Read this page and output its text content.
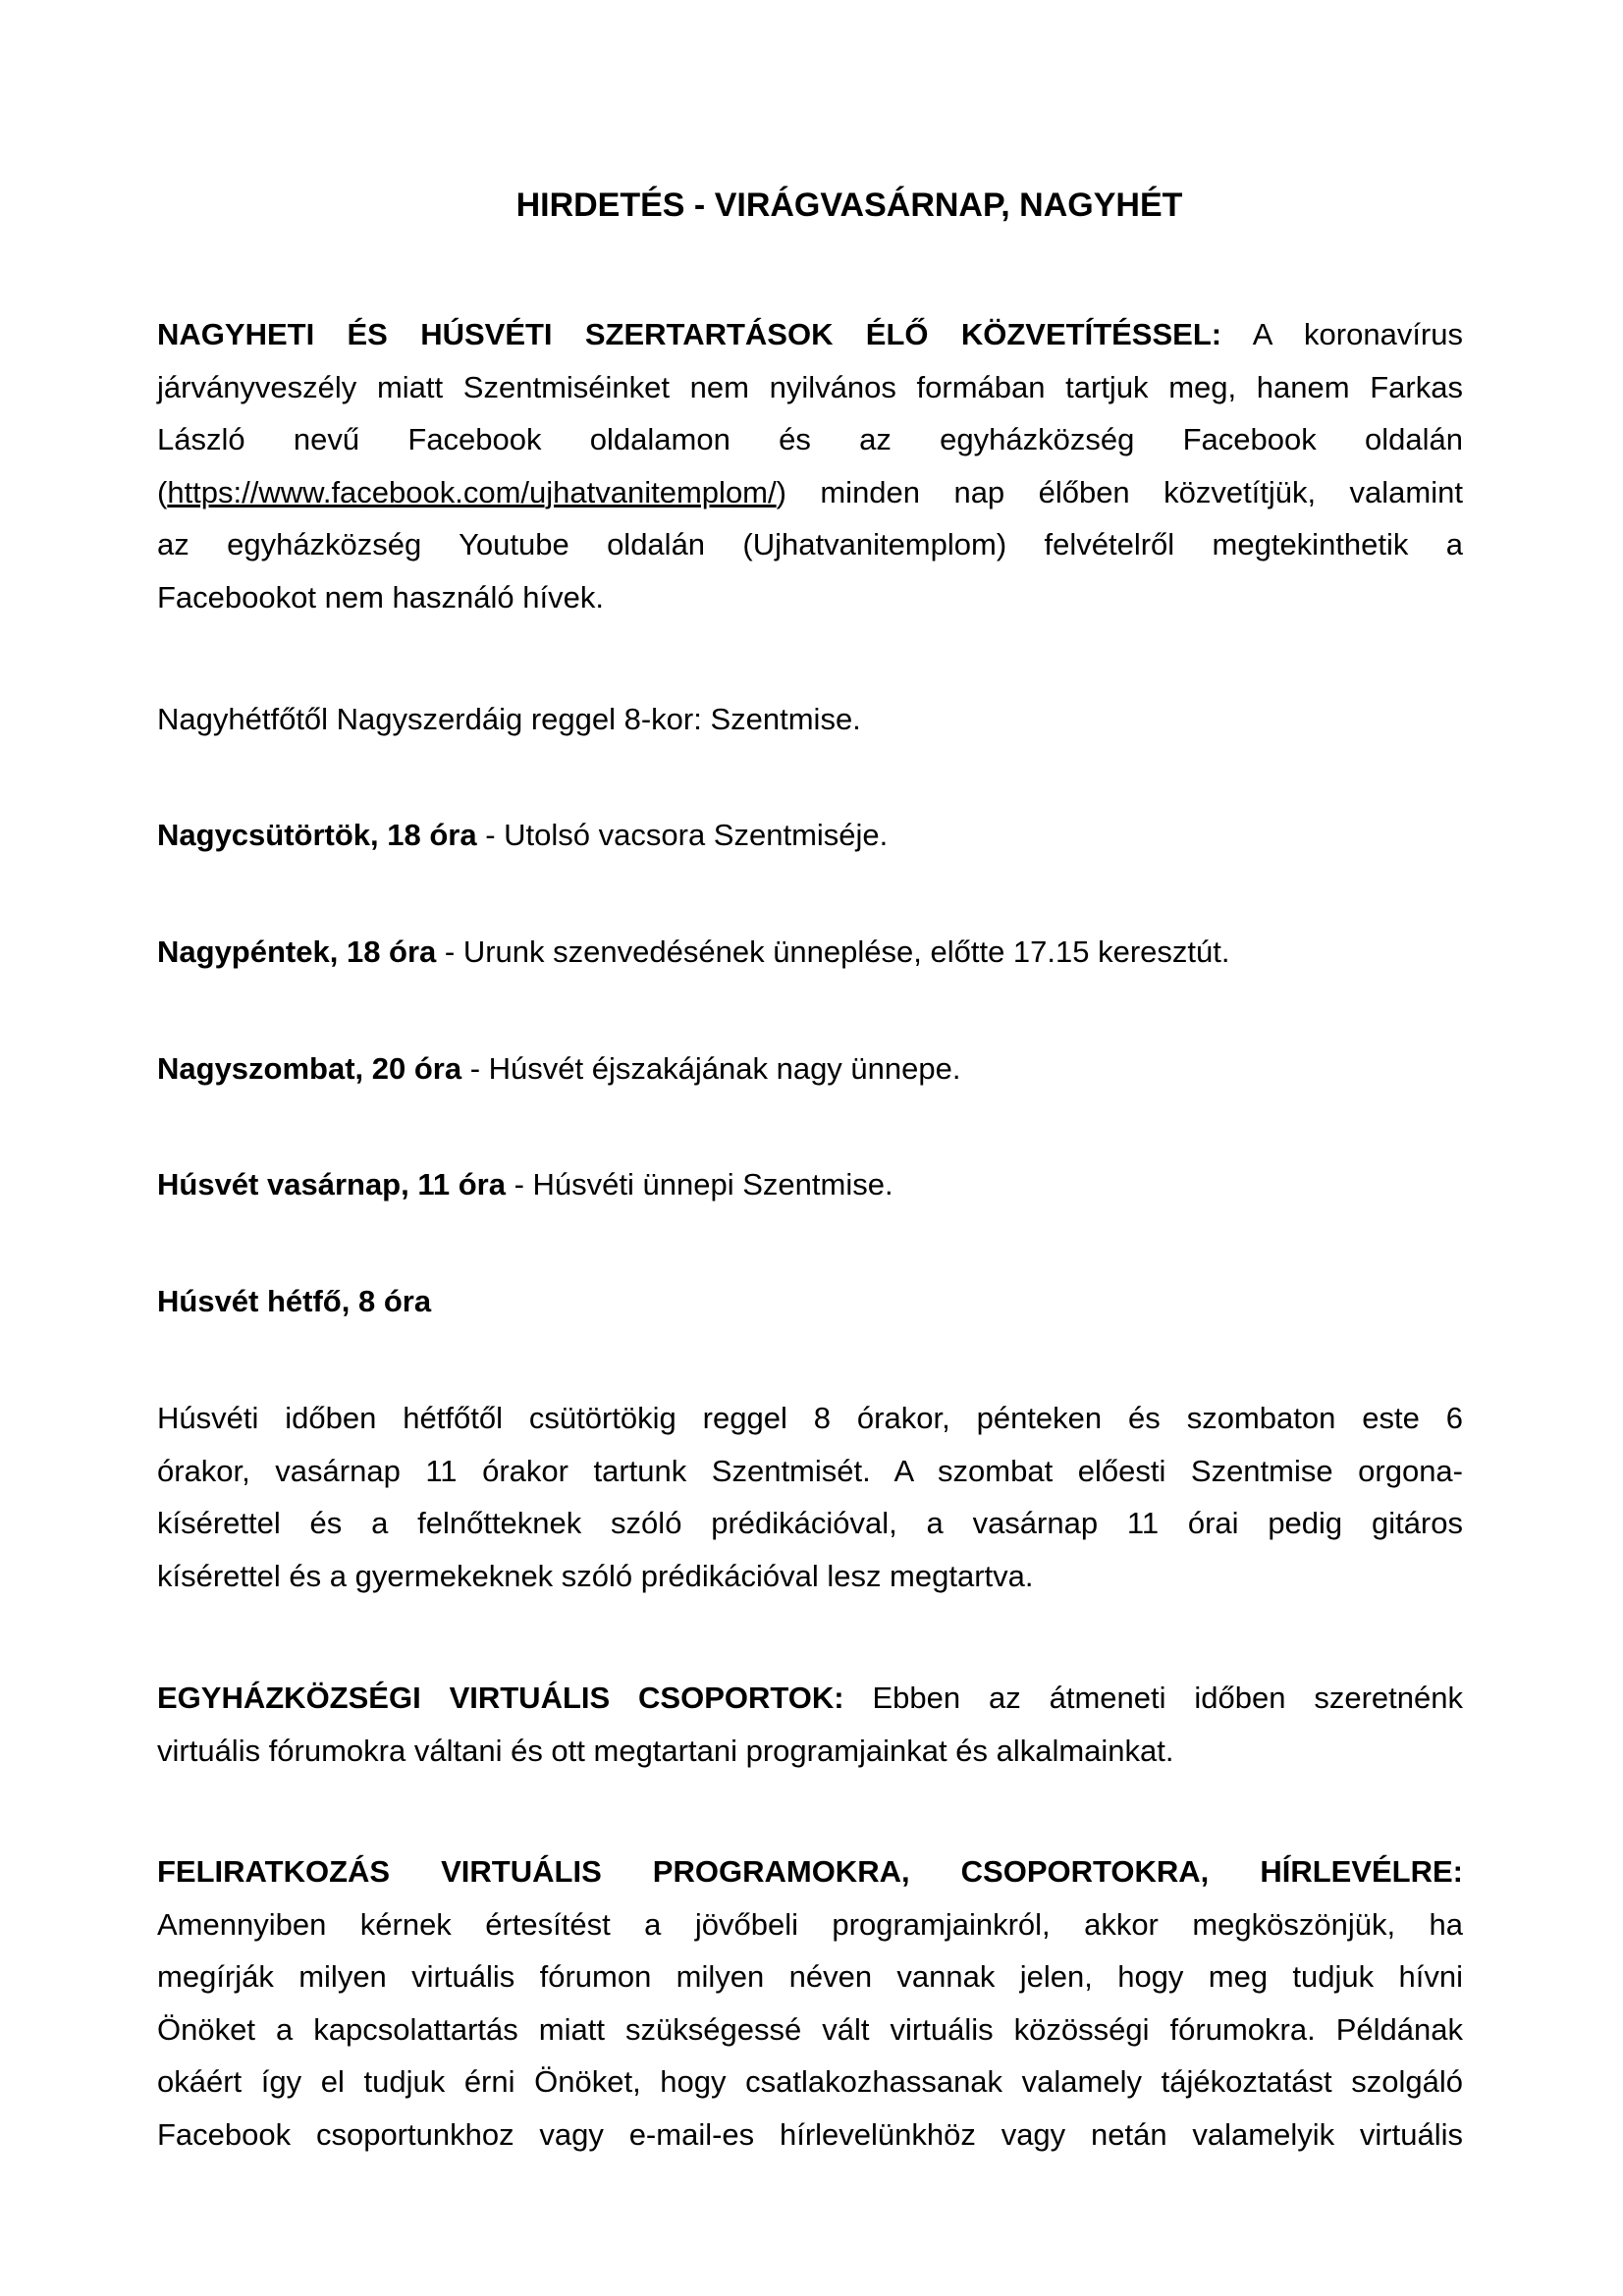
HIRDETÉS - VIRÁGVASÁRNAP, NAGYHÉT
NAGYHETI ÉS HÚSVÉTI SZERTARTÁSOK ÉLŐ KÖZVETÍTÉSSEL: A koronavírus
járványveszély miatt Szentmiséinket nem nyilvános formában tartjuk meg, hanem Farkas
László nevű Facebook oldalamon és az egyházközség Facebook oldalán
(https://www.facebook.com/ujhatvanitemplom/) minden nap élőben közvetítjük, valamint
az egyházközség Youtube oldalán (Ujhatvanitemplom) felvételről megtekinthetik a
Facebookot nem használó hívek.
Nagyhétfőtől Nagyszerdáig reggel 8-kor: Szentmise.
Nagycsütörtök, 18 óra - Utolsó vacsora Szentmiséje.
Nagypéntek, 18 óra - Urunk szenvedésének ünneplése, előtte 17.15 keresztút.
Nagyszombat, 20 óra - Húsvét éjszakájának nagy ünnepe.
Húsvét vasárnap, 11 óra - Húsvéti ünnepi Szentmise.
Húsvét hétfő, 8 óra
Húsvéti időben hétfőtől csütörtökig reggel 8 órakor, pénteken és szombaton este 6
órakor, vasárnap 11 órakor tartunk Szentmisét. A szombat előesti Szentmise orgona-
kísérettel és a felnőtteknek szóló prédikációval, a vasárnap 11 órai pedig gitáros
kísérettel és a gyermekeknek szóló prédikációval lesz megtartva.
EGYHÁZKÖZSÉGI VIRTUÁLIS CSOPORTOK: Ebben az átmeneti időben szeretnénk
virtuális fórumokra váltani és ott megtartani programjainkat és alkalmainkat.
FELIRATKOZÁS VIRTUÁLIS PROGRAMOKRA, CSOPORTOKRA, HÍRLEVÉLRE:
Amennyiben kérnek értesítést a jövőbeli programjainkról, akkor megköszönjük, ha
megírják milyen virtuális fórumon milyen néven vannak jelen, hogy meg tudjuk hívni
Önöket a kapcsolattartás miatt szükségessé vált virtuális közösségi fórumokra. Példának
okáért így el tudjuk érni Önöket, hogy csatlakozhassanak valamely tájékoztatást szolgáló
Facebook csoportunkhoz vagy e-mail-es hírlevelünkhöz vagy netán valamelyik virtuális
